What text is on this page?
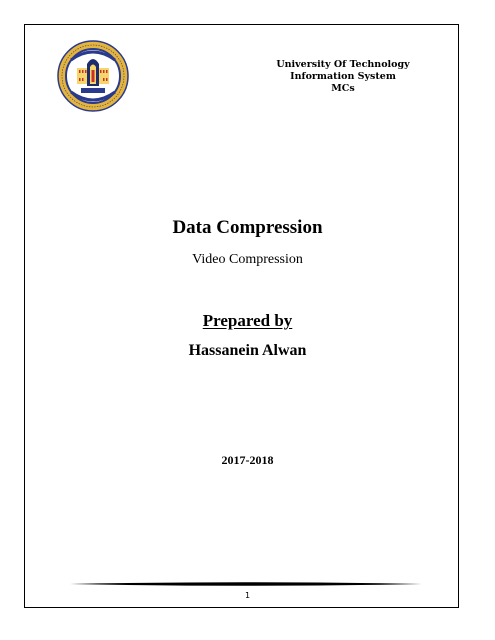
University Of Technology
Information System
MCs
Data Compression
Video Compression
Prepared by
Hassanein Alwan
2017-2018
1
